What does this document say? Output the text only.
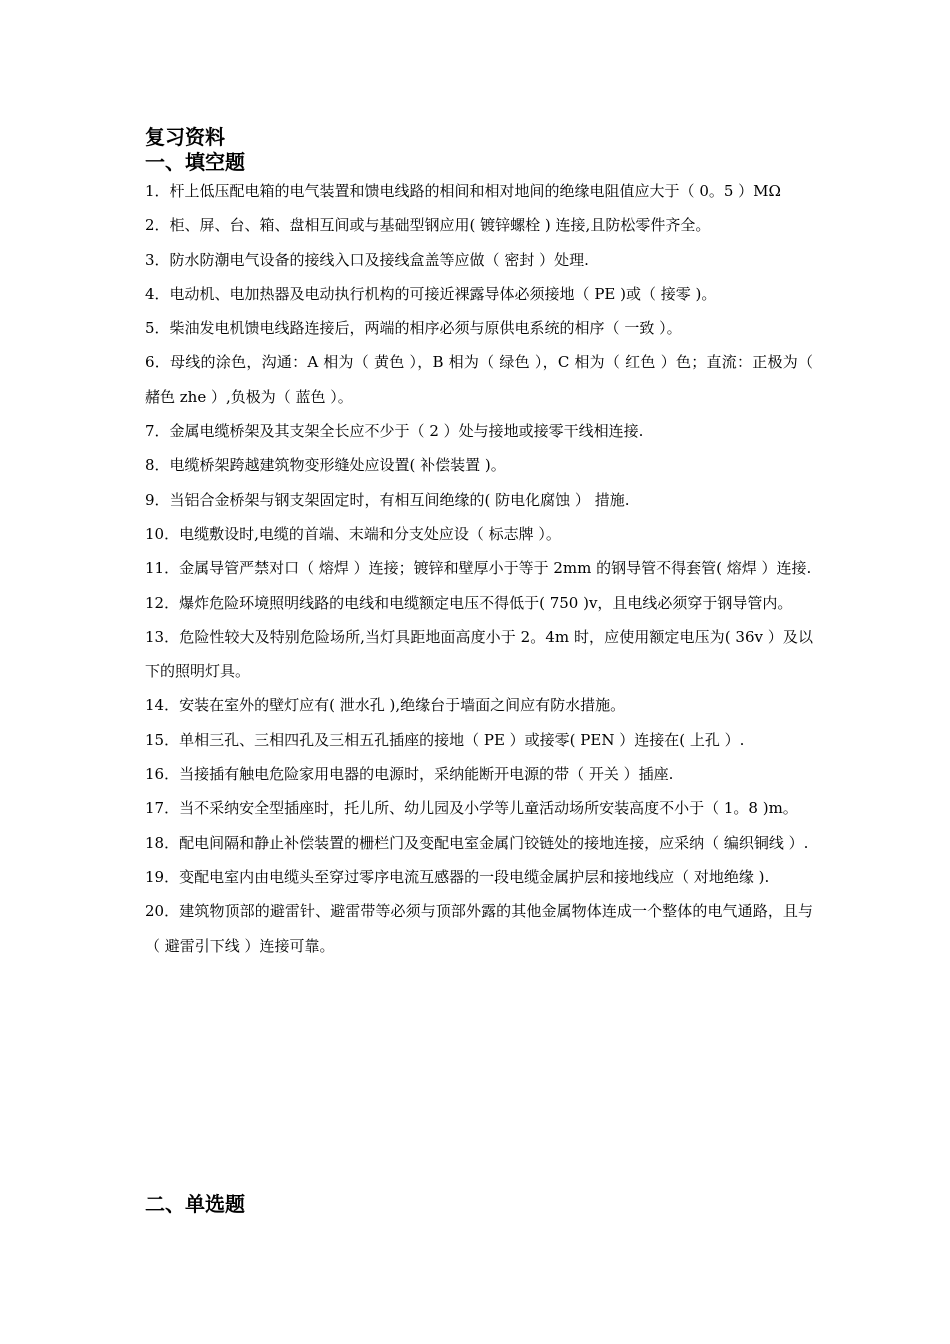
复习资料
一、填空题
1．杆上低压配电箱的电气装置和馈电线路的相间和相对地间的绝缘电阻值应大于（ 0。5 ）MΩ
2．柜、屏、台、箱、盘相互间或与基础型钢应用( 镀锌螺栓 ) 连接,且防松零件齐全。
3．防水防潮电气设备的接线入口及接线盒盖等应做（ 密封 ）处理.
4．电动机、电加热器及电动执行机构的可接近裸露导体必须接地（ PE )或（ 接零 )。
5．柴油发电机馈电线路连接后，两端的相序必须与原供电系统的相序（ 一致 ）。
6．母线的涂色，沟通：A 相为（ 黄色 ），B 相为（ 绿色 ），C 相为（ 红色 ）色；直流：正极为（ 赭色 zhe ）,负极为（ 蓝色 ）。
7．金属电缆桥架及其支架全长应不少于（ 2 ）处与接地或接零干线相连接.
8．电缆桥架跨越建筑物变形缝处应设置( 补偿装置 )。
9．当铝合金桥架与钢支架固定时，有相互间绝缘的( 防电化腐蚀 ） 措施.
10．电缆敷设时,电缆的首端、末端和分支处应设（ 标志牌 ）。
11．金属导管严禁对口（ 熔焊 ）连接；镀锌和壁厚小于等于 2mm 的钢导管不得套管( 熔焊 ）连接.
12．爆炸危险环境照明线路的电线和电缆额定电压不得低于( 750 )v，且电线必须穿于钢导管内。
13．危险性较大及特别危险场所,当灯具距地面高度小于 2。4m 时，应使用额定电压为( 36v ）及以下的照明灯具。
14．安装在室外的壁灯应有( 泄水孔 ),绝缘台于墙面之间应有防水措施。
15．单相三孔、三相四孔及三相五孔插座的接地（ PE ）或接零( PEN ）连接在( 上孔 ）.
16．当接插有触电危险家用电器的电源时，采纳能断开电源的带（ 开关 ）插座.
17．当不采纳安全型插座时，托儿所、幼儿园及小学等儿童活动场所安装高度不小于（ 1。8 )m。
18．配电间隔和静止补偿装置的栅栏门及变配电室金属门铰链处的接地连接，应采纳（ 编织铜线 ）.
19．变配电室内由电缆头至穿过零序电流互感器的一段电缆金属护层和接地线应（ 对地绝缘 ).
20．建筑物顶部的避雷针、避雷带等必须与顶部外露的其他金属物体连成一个整体的电气通路，且与（ 避雷引下线 ）连接可靠。
二、单选题
